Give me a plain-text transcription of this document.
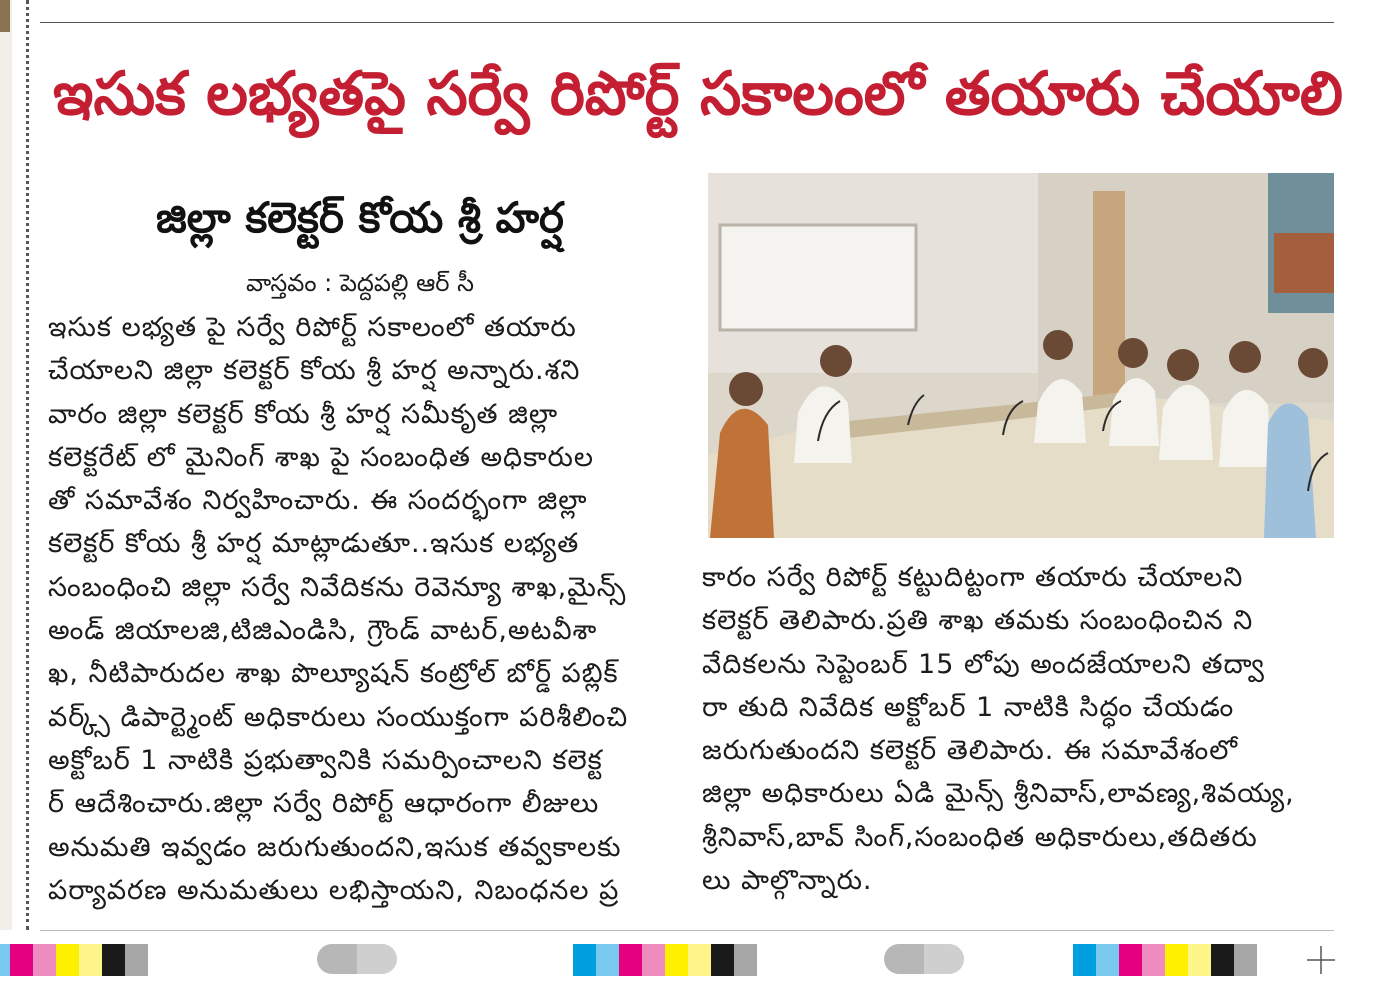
ఇసుక లభ్యతపై సర్వే రిపోర్ట్ సకాలంలో తయారు చేయాలి
జిల్లా కలెక్టర్ కోయ శ్రీ హర్ష
వాస్తవం : పెద్దపల్లి ఆర్ సీ
ఇసుక లభ్యత పై సర్వే రిపోర్ట్ సకాలంలో తయారు
చేయాలని జిల్లా కలెక్టర్ కోయ శ్రీ హర్ష అన్నారు.శని
వారం జిల్లా కలెక్టర్ కోయ శ్రీ హర్ష సమీకృత జిల్లా
కలెక్టరేట్ లో మైనింగ్ శాఖ పై సంబంధిత అధికారుల
తో సమావేశం నిర్వహించారు. ఈ సందర్భంగా జిల్లా
కలెక్టర్ కోయ శ్రీ హర్ష మాట్లాడుతూ..ఇసుక లభ్యత
సంబంధించి జిల్లా సర్వే నివేదికను రెవెన్యూ శాఖ,మైన్స్
అండ్ జియాలజి,టిజిఎండిసి, గ్రౌండ్ వాటర్,అటవీశా
ఖ, నీటిపారుదల శాఖ పొల్యూషన్ కంట్రోల్ బోర్డ్ పబ్లిక్
వర్క్స్ డిపార్ట్మెంట్ అధికారులు సంయుక్తంగా పరిశీలించి
అక్టోబర్ 1 నాటికి ప్రభుత్వానికి సమర్పించాలని కలెక్ట
ర్ ఆదేశించారు.జిల్లా సర్వే రిపోర్ట్ ఆధారంగా లీజులు
అనుమతి ఇవ్వడం జరుగుతుందని,ఇసుక తవ్వకాలకు
పర్యావరణ అనుమతులు లభిస్తాయని, నిబంధనల ప్ర
కారం సర్వే రిపోర్ట్ కట్టుదిట్టంగా తయారు చేయాలని
కలెక్టర్ తెలిపారు.ప్రతి శాఖ తమకు సంబంధించిన ని
వేదికలను సెప్టెంబర్ 15 లోపు అందజేయాలని తద్వా
రా తుది నివేదిక అక్టోబర్ 1 నాటికి సిద్ధం చేయడం
జరుగుతుందని కలెక్టర్ తెలిపారు. ఈ సమావేశంలో
జిల్లా అధికారులు ఏడి మైన్స్ శ్రీనివాస్,లావణ్య,శివయ్య,
శ్రీనివాస్,బావ్ సింగ్,సంబంధిత అధికారులు,తదితరు
లు పాల్గొన్నారు.
